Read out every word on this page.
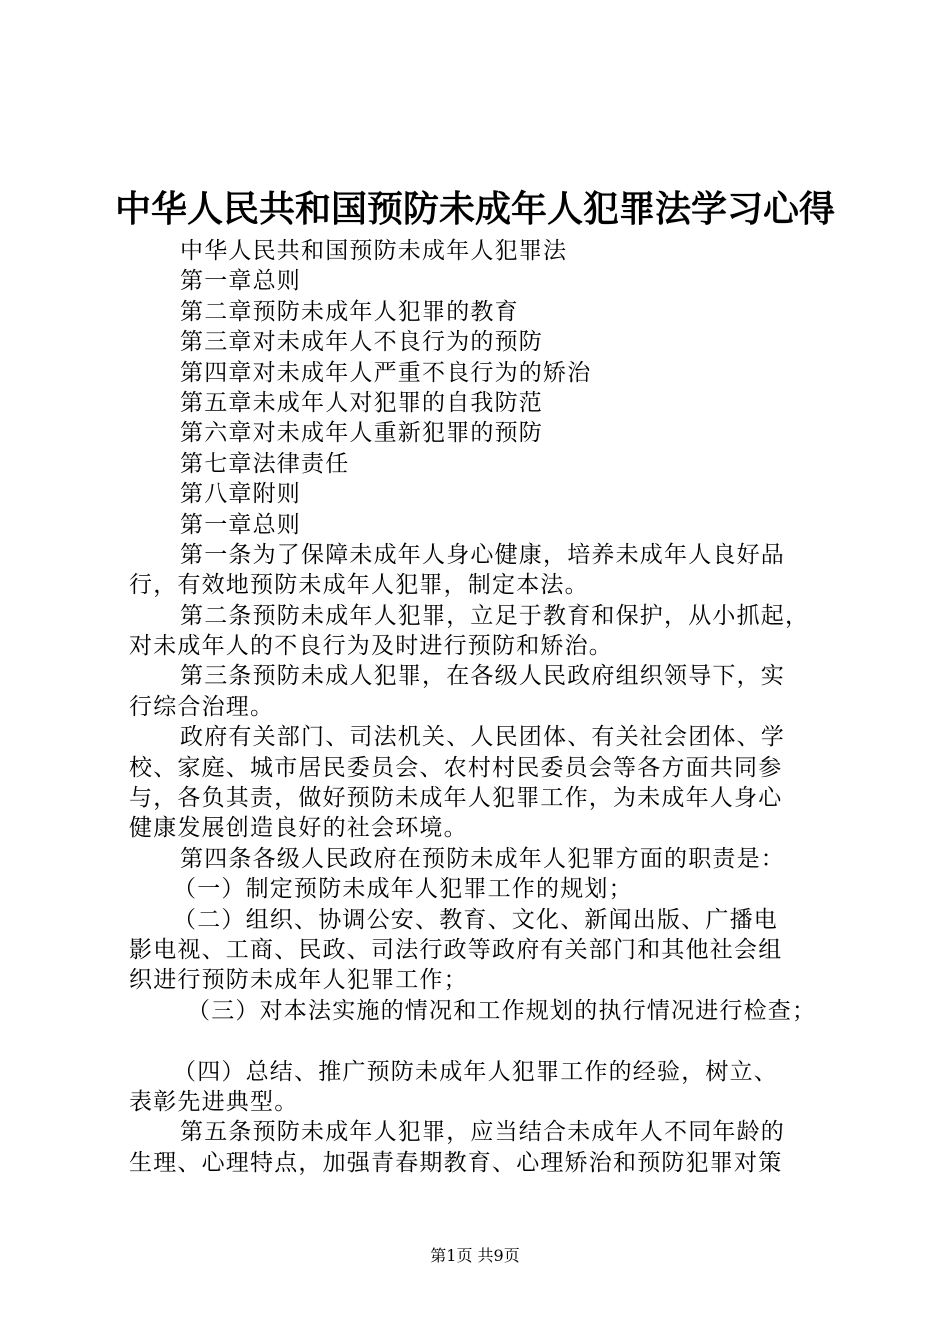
中华人民共和国预防未成年人犯罪法学习心得
中华人民共和国预防未成年人犯罪法
第一章总则
第二章预防未成年人犯罪的教育
第三章对未成年人不良行为的预防
第四章对未成年人严重不良行为的矫治
第五章未成年人对犯罪的自我防范
第六章对未成年人重新犯罪的预防
第七章法律责任
第八章附则
第一章总则
第一条为了保障未成年人身心健康，培养未成年人良好品
行，有效地预防未成年人犯罪，制定本法。
第二条预防未成年人犯罪，立足于教育和保护，从小抓起，
对未成年人的不良行为及时进行预防和矫治。
第三条预防未成人犯罪，在各级人民政府组织领导下，实
行综合治理。
政府有关部门、司法机关、人民团体、有关社会团体、学
校、家庭、城市居民委员会、农村村民委员会等各方面共同参
与，各负其责，做好预防未成年人犯罪工作，为未成年人身心
健康发展创造良好的社会环境。
第四条各级人民政府在预防未成年人犯罪方面的职责是：
（一）制定预防未成年人犯罪工作的规划；
（二）组织、协调公安、教育、文化、新闻出版、广播电
影电视、工商、民政、司法行政等政府有关部门和其他社会组
织进行预防未成年人犯罪工作；
（三）对本法实施的情况和工作规划的执行情况进行检查；
（四）总结、推广预防未成年人犯罪工作的经验，树立、
表彰先进典型。
第五条预防未成年人犯罪，应当结合未成年人不同年龄的
生理、心理特点，加强青春期教育、心理矫治和预防犯罪对策
第1页 共9页
